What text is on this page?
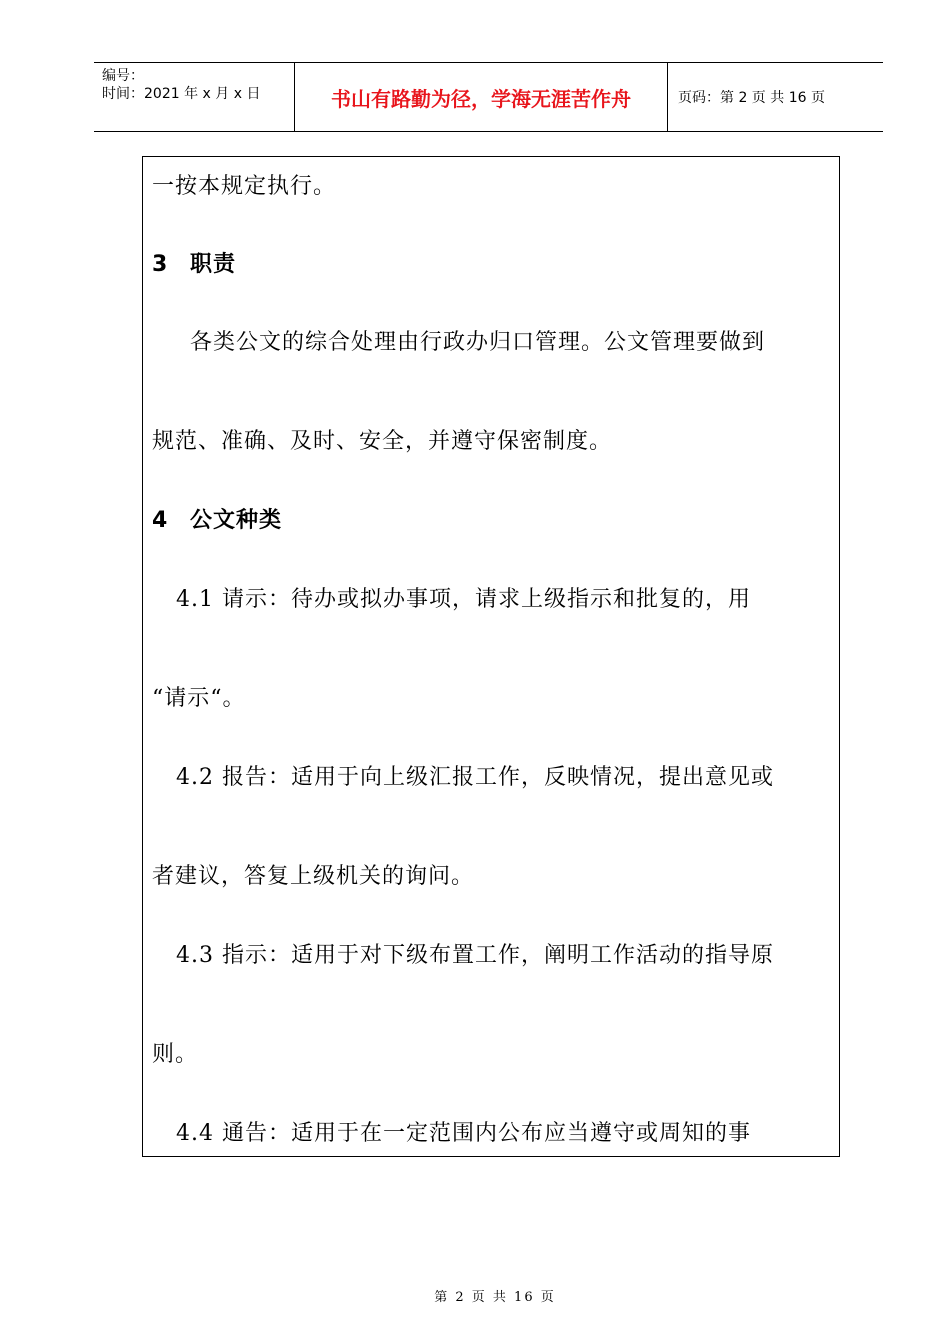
编号：
时间：2021 年 x 月 x 日	书山有路勤为径，学海无涯苦作舟	页码：第 2 页 共 16 页
一按本规定执行。
3 职责
各类公文的综合处理由行政办归口管理。公文管理要做到
规范、准确、及时、安全，并遵守保密制度。
4 公文种类
4.1 请示：待办或拟办事项，请求上级指示和批复的，用
“请示“。
4.2 报告：适用于向上级汇报工作，反映情况，提出意见或
者建议，答复上级机关的询问。
4.3 指示：适用于对下级布置工作，阐明工作活动的指导原
则。
4.4 通告：适用于在一定范围内公布应当遵守或周知的事
第 2 页 共 16 页
